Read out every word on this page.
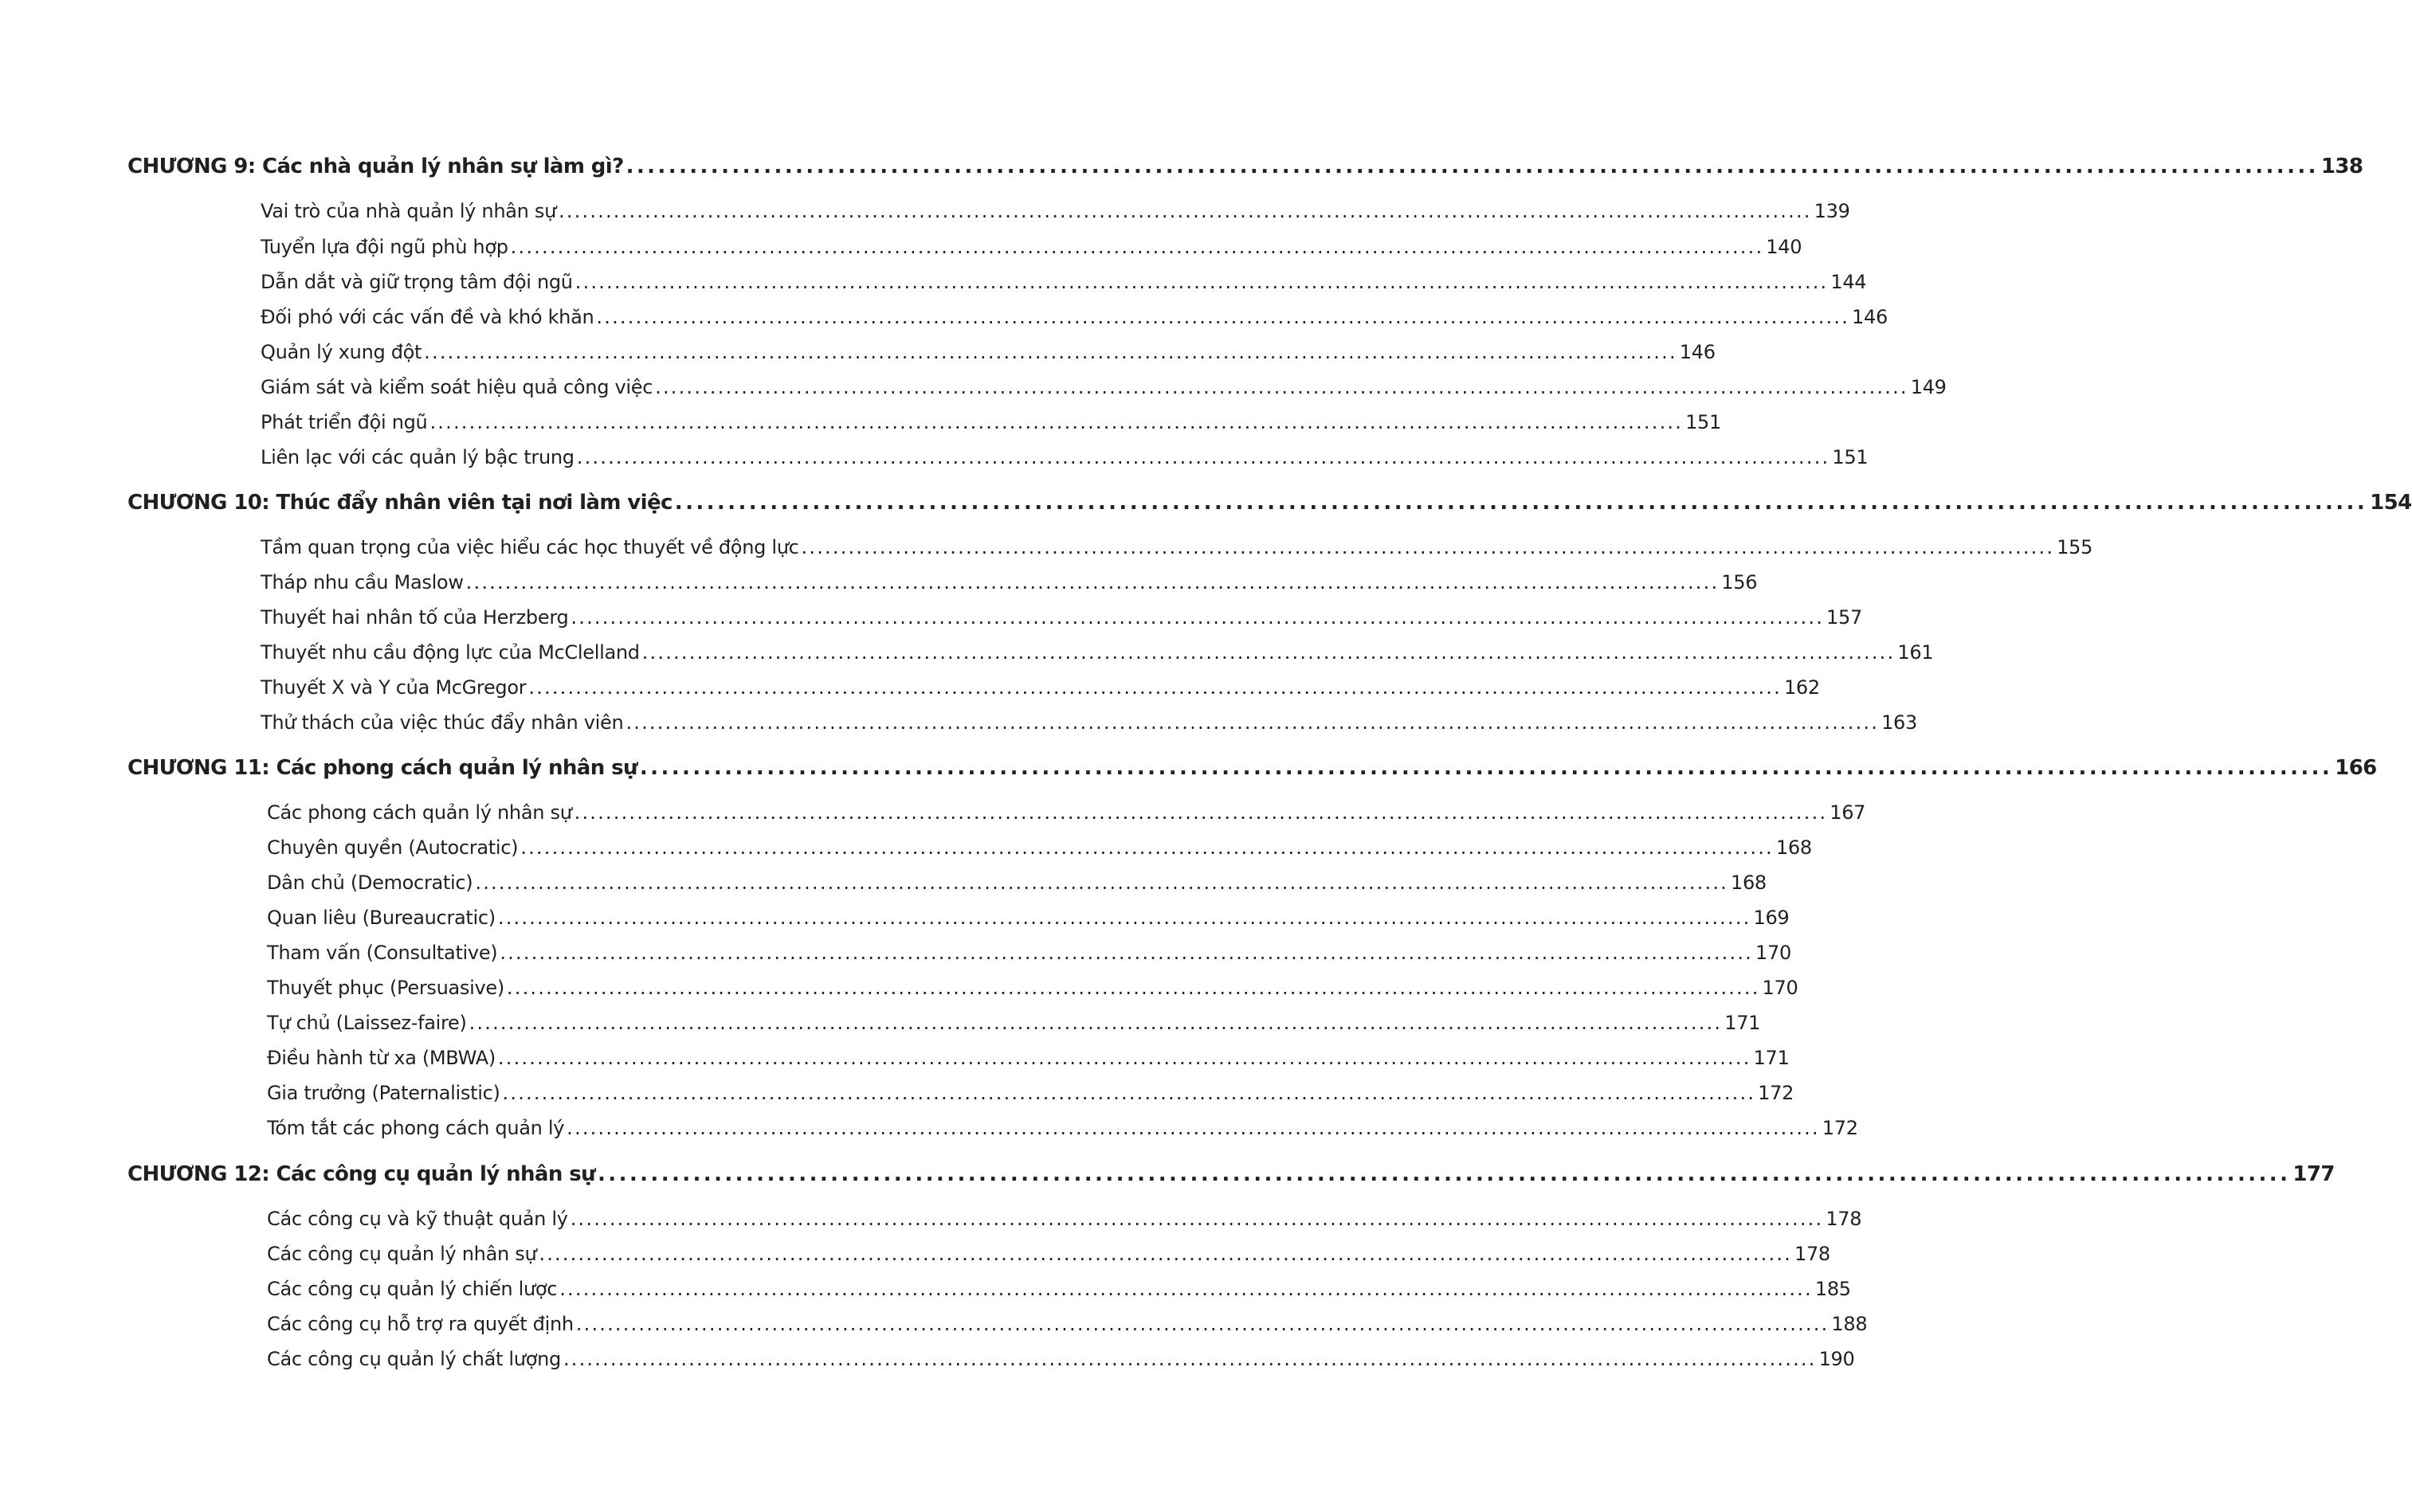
CHƯƠNG 9: Các nhà quản lý nhân sự làm gì? ................................................................................................................................................................ 138
Vai trò của nhà quản lý nhân sự ................................................................................................................................................................ 139
Tuyển lựa đội ngũ phù hợp ................................................................................................................................................................ 140
Dẫn dắt và giữ trọng tâm đội ngũ ................................................................................................................................................................ 144
Đối phó với các vấn đề và khó khăn ................................................................................................................................................................ 146
Quản lý xung đột ................................................................................................................................................................ 146
Giám sát và kiểm soát hiệu quả công việc ................................................................................................................................................................ 149
Phát triển đội ngũ ................................................................................................................................................................ 151
Liên lạc với các quản lý bậc trung ................................................................................................................................................................ 151
CHƯƠNG 10: Thúc đẩy nhân viên tại nơi làm việc ................................................................................................................................................................ 154
Tầm quan trọng của việc hiểu các học thuyết về động lực ................................................................................................................................................................ 155
Tháp nhu cầu Maslow ................................................................................................................................................................ 156
Thuyết hai nhân tố của Herzberg ................................................................................................................................................................ 157
Thuyết nhu cầu động lực của McClelland ................................................................................................................................................................ 161
Thuyết X và Y của McGregor ................................................................................................................................................................ 162
Thử thách của việc thúc đẩy nhân viên ................................................................................................................................................................ 163
CHƯƠNG 11: Các phong cách quản lý nhân sự ................................................................................................................................................................ 166
Các phong cách quản lý nhân sự ................................................................................................................................................................ 167
Chuyên quyền (Autocratic) ................................................................................................................................................................ 168
Dân chủ (Democratic) ................................................................................................................................................................ 168
Quan liêu (Bureaucratic) ................................................................................................................................................................ 169
Tham vấn (Consultative) ................................................................................................................................................................ 170
Thuyết phục (Persuasive) ................................................................................................................................................................ 170
Tự chủ (Laissez-faire) ................................................................................................................................................................ 171
Điều hành từ xa (MBWA) ................................................................................................................................................................ 171
Gia trưởng (Paternalistic) ................................................................................................................................................................ 172
Tóm tắt các phong cách quản lý ................................................................................................................................................................ 172
CHƯƠNG 12: Các công cụ quản lý nhân sự ................................................................................................................................................................ 177
Các công cụ và kỹ thuật quản lý ................................................................................................................................................................ 178
Các công cụ quản lý nhân sự ................................................................................................................................................................ 178
Các công cụ quản lý chiến lược ................................................................................................................................................................ 185
Các công cụ hỗ trợ ra quyết định ................................................................................................................................................................ 188
Các công cụ quản lý chất lượng ................................................................................................................................................................ 190
